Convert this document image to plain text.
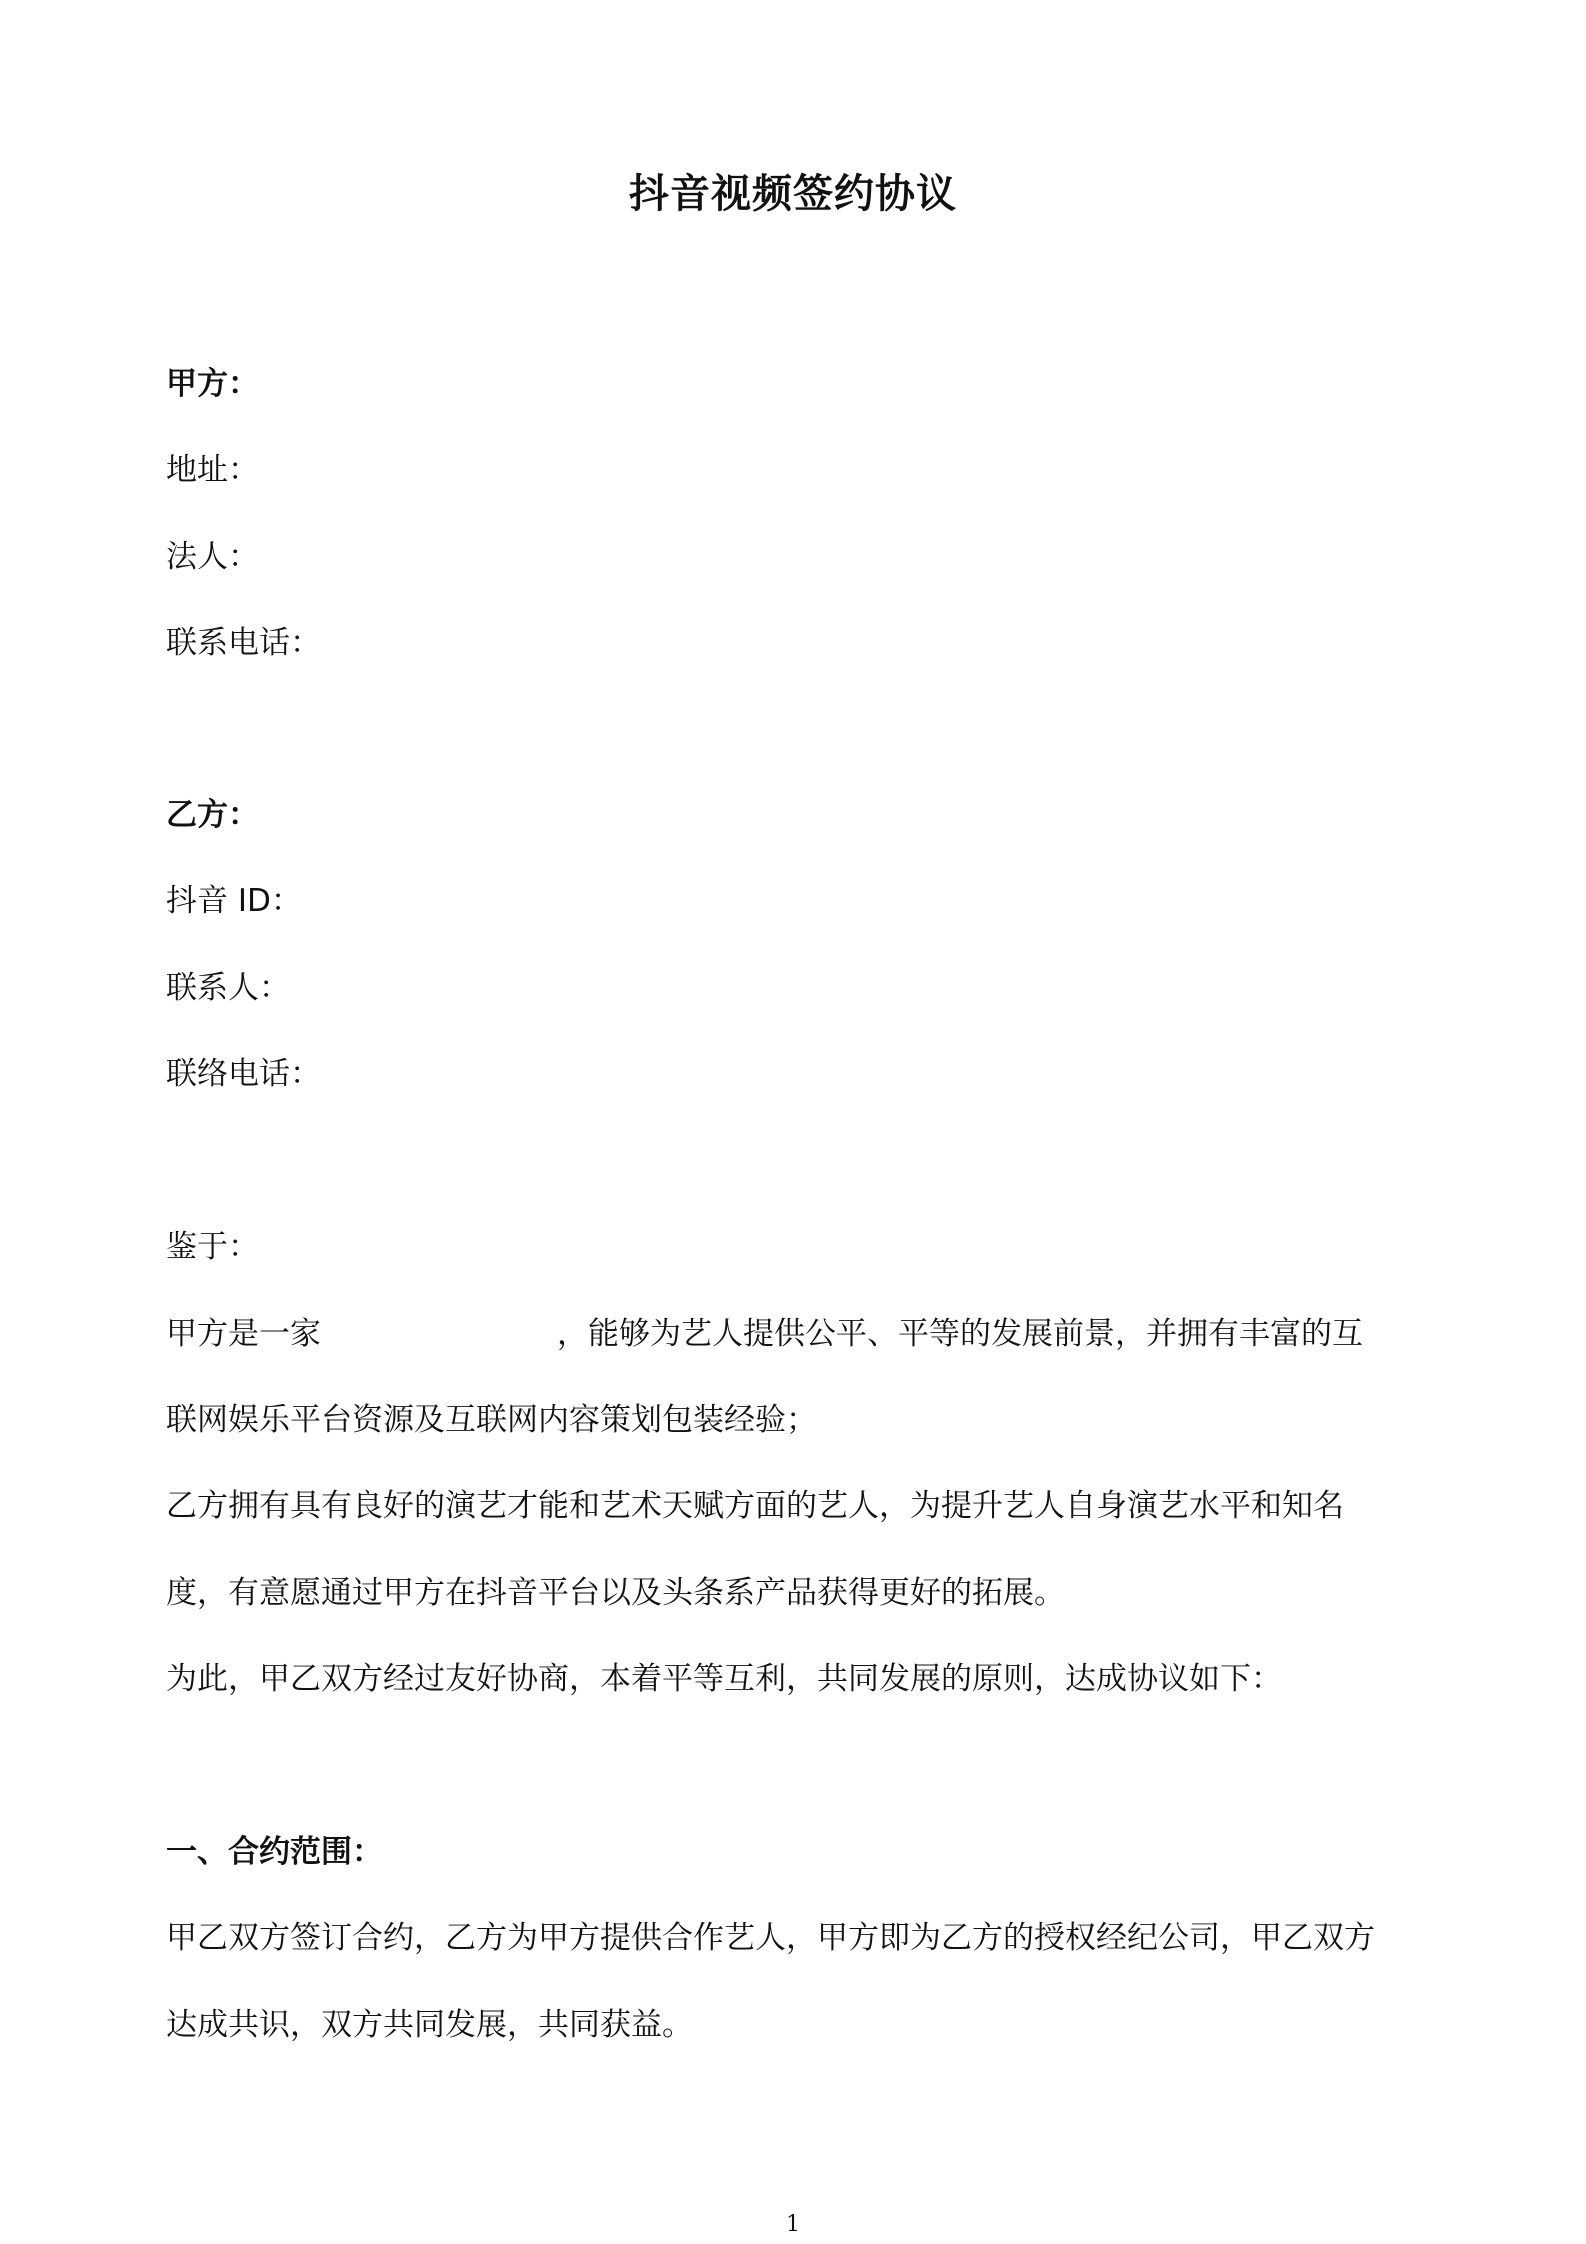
抖音视频签约协议
甲方：
地址：
法人：
联系电话：
乙方：
抖音 ID：
联系人：
联络电话：
鉴于：
甲方是一家	，能够为艺人提供公平、平等的发展前景，并拥有丰富的互
联网娱乐平台资源及互联网内容策划包装经验；
乙方拥有具有良好的演艺才能和艺术天赋方面的艺人，为提升艺人自身演艺水平和知名
度，有意愿通过甲方在抖音平台以及头条系产品获得更好的拓展。
为此，甲乙双方经过友好协商，本着平等互利，共同发展的原则，达成协议如下：
一、合约范围：
甲乙双方签订合约，乙方为甲方提供合作艺人，甲方即为乙方的授权经纪公司，甲乙双方
达成共识，双方共同发展，共同获益。
1
